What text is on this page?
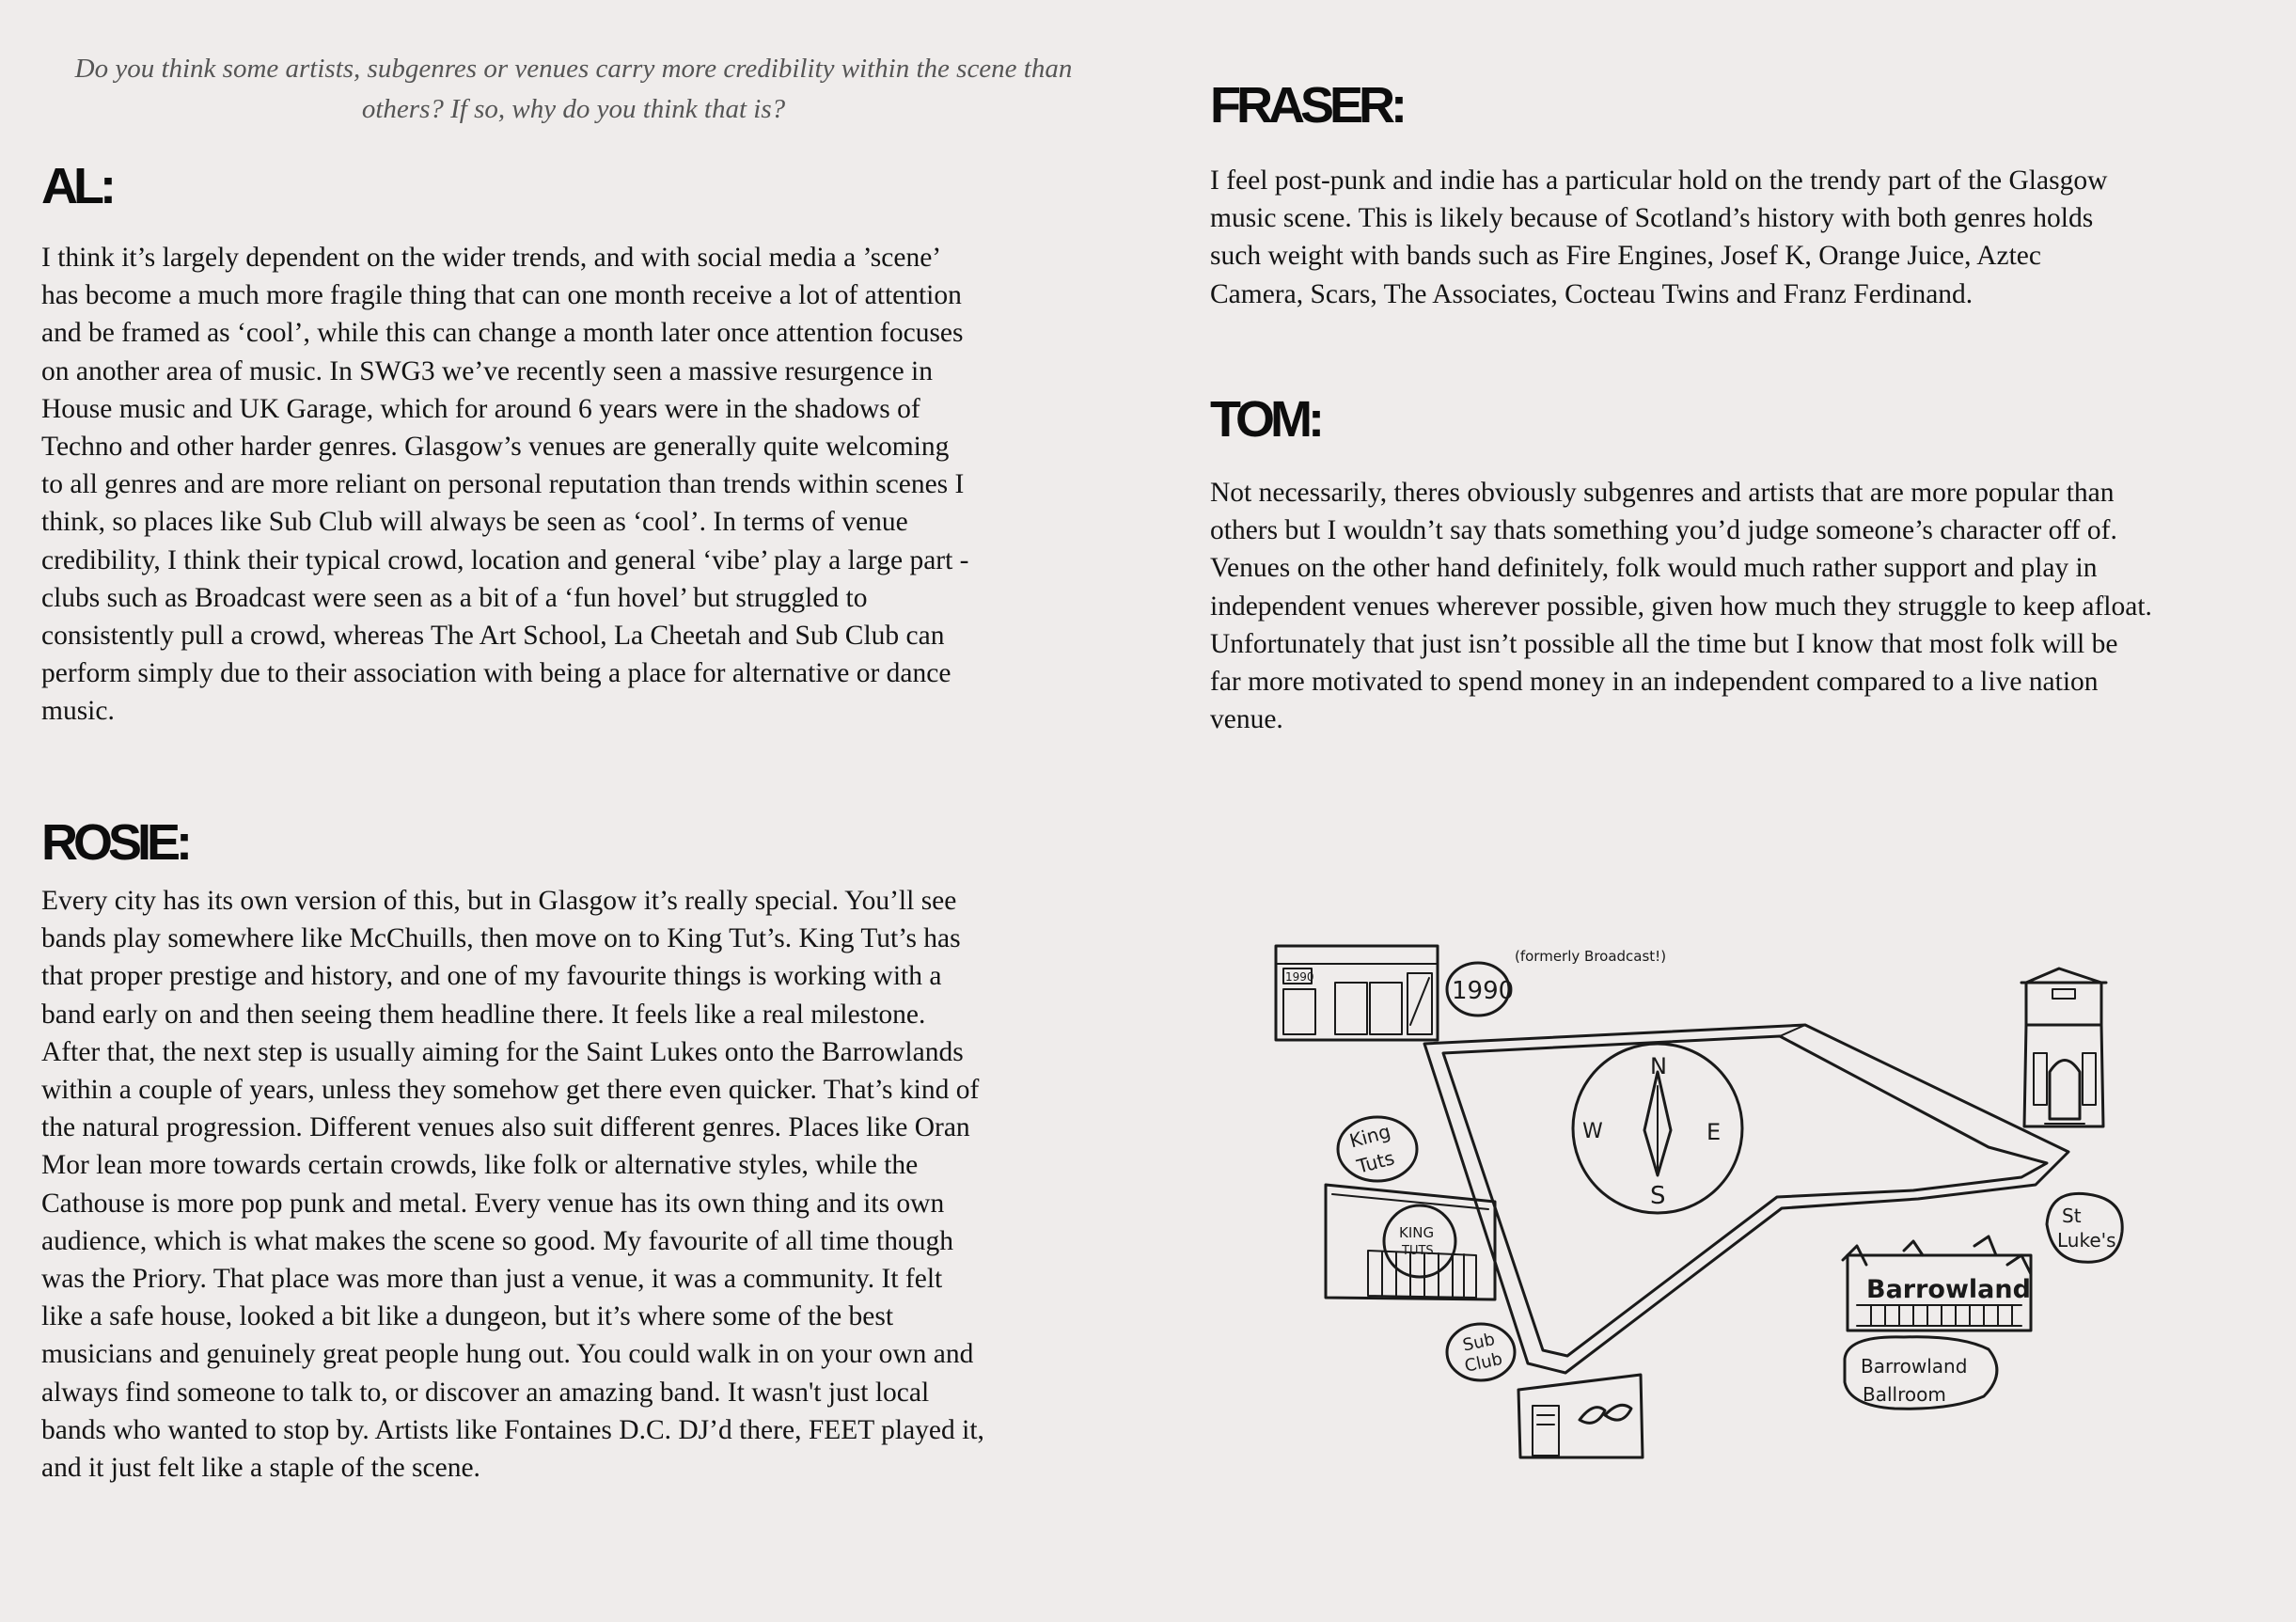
Do you think some artists, subgenres or venues carry more credibility within the scene than others? If so, why do you think that is?
AL:

I think it’s largely dependent on the wider trends, and with social media a ’scene’ has become a much more fragile thing that can one month receive a lot of attention and be framed as ‘cool’, while this can change a month later once attention focuses on another area of music. In SWG3 we’ve recently seen a massive resurgence in House music and UK Garage, which for around 6 years were in the shadows of Techno and other harder genres. Glasgow’s venues are generally quite welcoming to all genres and are more reliant on personal reputation than trends within scenes I think, so places like Sub Club will always be seen as ‘cool’. In terms of venue credibility, I think their typical crowd, location and general ‘vibe’ play a large part - clubs such as Broadcast were seen as a bit of a ‘fun hovel’ but struggled to consistently pull a crowd, whereas The Art School, La Cheetah and Sub Club can perform simply due to their association with being a place for alternative or dance music.

ROSIE:

Every city has its own version of this, but in Glasgow it’s really special. You’ll see bands play somewhere like McChuills, then move on to King Tut’s. King Tut’s has that proper prestige and history, and one of my favourite things is working with a band early on and then seeing them headline there. It feels like a real milestone. After that, the next step is usually aiming for the Saint Lukes onto the Barrowlands within a couple of years, unless they somehow get there even quicker. That’s kind of the natural progression. Different venues also suit different genres. Places like Oran Mor lean more towards certain crowds, like folk or alternative styles, while the Cathouse is more pop punk and metal. Every venue has its own thing and its own audience, which is what makes the scene so good. My favourite of all time though was the Priory. That place was more than just a venue, it was a community. It felt like a safe house, looked a bit like a dungeon, but it’s where some of the best musicians and genuinely great people hung out. You could walk in on your own and always find someone to talk to, or discover an amazing band. It wasn't just local bands who wanted to stop by. Artists like Fontaines D.C. DJ’d there, FEET played it, and it just felt like a staple of the scene.

FRASER:

I feel post-punk and indie has a particular hold on the trendy part of the Glasgow music scene. This is likely because of Scotland’s history with both genres holds such weight with bands such as Fire Engines, Josef K, Orange Juice, Aztec Camera, Scars, The Associates, Cocteau Twins and Franz Ferdinand.

TOM:

Not necessarily, theres obviously subgenres and artists that are more popular than others but I wouldn’t say thats something you’d judge someone’s character off of. Venues on the other hand definitely, folk would much rather support and play in independent venues wherever possible, given how much they struggle to keep afloat. Unfortunately that just isn’t possible all the time but I know that most folk will be far more motivated to spend money in an independent compared to a live nation venue.

N
E
S
W
1990	1990
(formerly Broadcast!)
King
Tuts
KING
TUTS
Sub
Club
St
Luke's
Barrowland
Barrowland
Ballroom
